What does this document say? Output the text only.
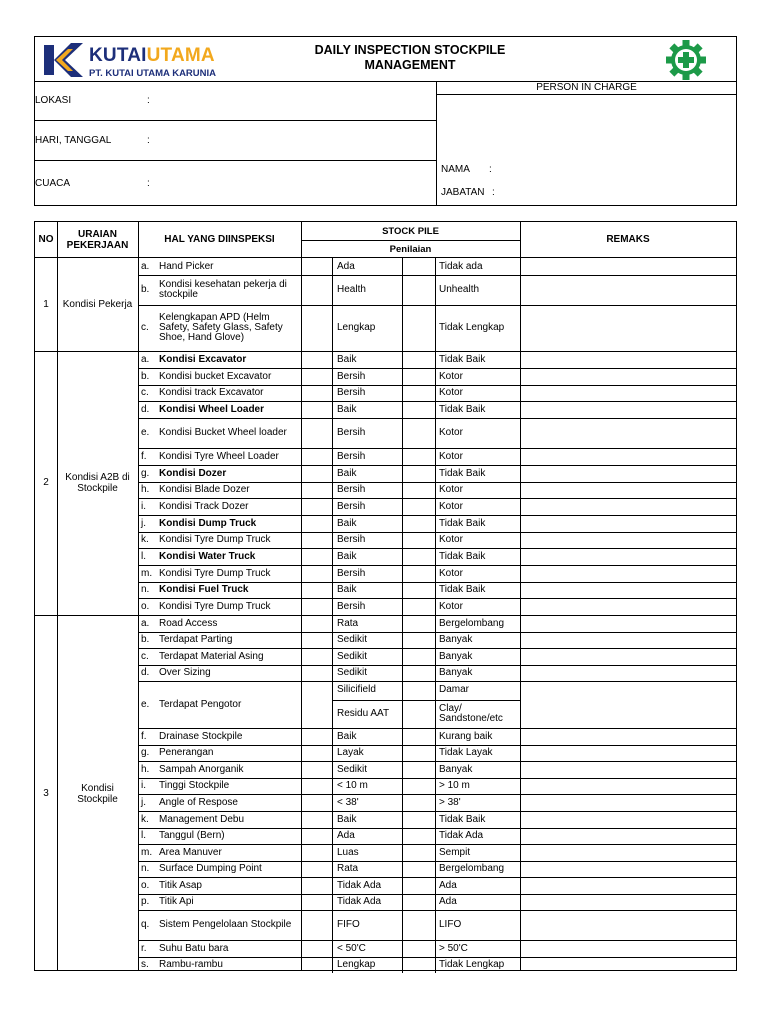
KUTAIUTAMA
PT. KUTAI UTAMA KARUNIA
DAILY INSPECTION STOCKPILE
MANAGEMENT
LOKASI	:
HARI, TANGGAL	:
CUACA	:
PERSON IN CHARGE
NAMA :
JABATAN :
NO	URAIAN
PEKERJAAN
HAL YANG DIINSPEKSI
STOCK PILE
Penilaian
REMAKS
a. Hand Picker	Ada	Tidak ada
b. Kondisi kesehatan pekerja di
stockpile	Health	Unhealth
c.
Kelengkapan APD (Helm
Safety, Safety Glass, Safety
Shoe, Hand Glove)
Lengkap	Tidak Lengkap
1	Kondisi Pekerja
a. Kondisi Excavator	Baik	Tidak Baik
b. Kondisi bucket Excavator	Bersih	Kotor
c. Kondisi track Excavator	Bersih	Kotor
d. Kondisi Wheel Loader	Baik	Tidak Baik
e. Kondisi Bucket Wheel loader	Bersih	Kotor
f. Kondisi Tyre Wheel Loader	Bersih	Kotor
g. Kondisi Dozer	Baik	Tidak Baik
h. Kondisi Blade Dozer	Bersih	Kotor
i. Kondisi Track Dozer	Bersih	Kotor
j. Kondisi Dump Truck	Baik	Tidak Baik
k. Kondisi Tyre Dump Truck	Bersih	Kotor
l. Kondisi Water Truck	Baik	Tidak Baik
m. Kondisi Tyre Dump Truck	Bersih	Kotor
n. Kondisi Fuel Truck	Baik	Tidak Baik
o. Kondisi Tyre Dump Truck	Bersih	Kotor
2	Kondisi A2B di
Stockpile
a. Road Access	Rata	Bergelombang
b. Terdapat Parting	Sedikit	Banyak
c. Terdapat Material Asing	Sedikit	Banyak
d. Over Sizing	Sedikit	Banyak
e. Terdapat Pengotor
Silicifield	Damar
Residu AAT	Clay/
Sandstone/etc
f. Drainase Stockpile	Baik	Kurang baik
g. Penerangan	Layak	Tidak Layak
h. Sampah Anorganik	Sedikit	Banyak
i. Tinggi Stockpile	< 10 m	> 10 m
j. Angle of Respose	< 38'	> 38'
k. Management Debu	Baik	Tidak Baik
l. Tanggul (Bern)	Ada	Tidak Ada
m. Area Manuver	Luas	Sempit
n. Surface Dumping Point	Rata	Bergelombang
o. Titik Asap	Tidak Ada	Ada
p. Titik Api	Tidak Ada	Ada
q. Sistem Pengelolaan Stockpile	FIFO	LIFO
r. Suhu Batu bara	< 50'C	> 50'C
s. Rambu-rambu	Lengkap	Tidak Lengkap
3	Kondisi
Stockpile
